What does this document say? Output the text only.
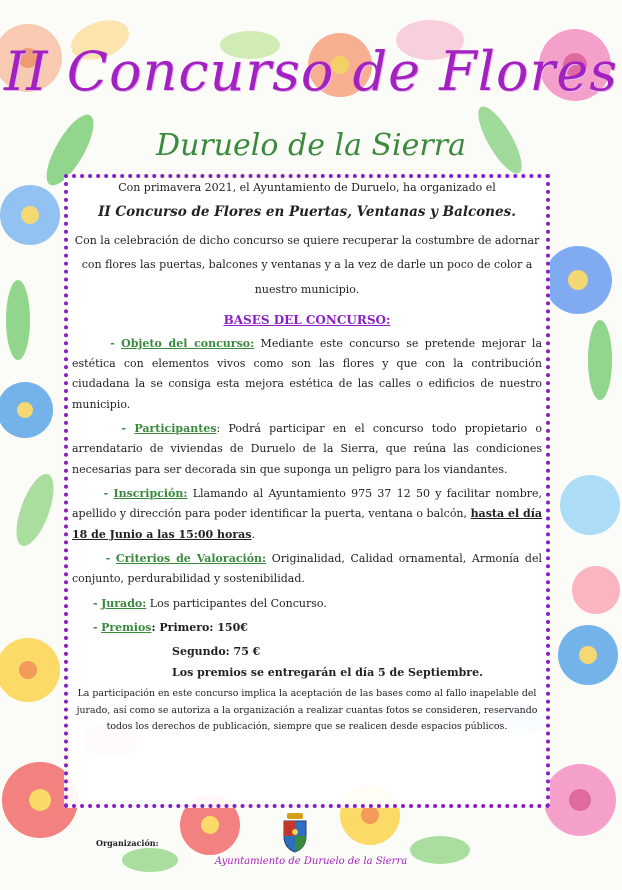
II Concurso de Flores
Duruelo de la Sierra
Con primavera 2021, el Ayuntamiento de Duruelo, ha organizado el
II Concurso de Flores en Puertas, Ventanas y Balcones.
Con la celebración de dicho concurso se quiere recuperar la costumbre de adornar con flores las puertas, balcones y ventanas y a la vez de darle un poco de color a nuestro municipio.
BASES DEL CONCURSO:
- Objeto del concurso: Mediante este concurso se pretende mejorar la estética con elementos vivos como son las flores y que con la contribución ciudadana la se consiga esta mejora estética de las calles o edificios de nuestro municipio.
- Participantes: Podrá participar en el concurso todo propietario o arrendatario de viviendas de Duruelo de la Sierra, que reúna las condiciones necesarias para ser decorada sin que suponga un peligro para los viandantes.
- Inscripción: Llamando al Ayuntamiento 975 37 12 50 y facilitar nombre, apellido y dirección para poder identificar la puerta, ventana o balcón, hasta el día 18 de Junio a las 15:00 horas.
- Criterios de Valoración: Originalidad, Calidad ornamental, Armonía del conjunto, perdurabilidad y sostenibilidad.
- Jurado: Los participantes del Concurso.
- Premios: Primero: 150€
Segundo: 75 €
Los premios se entregarán el día 5 de Septiembre.
La participación en este concurso implica la aceptación de las bases como al fallo inapelable del jurado, así como se autoriza a la organización a realizar cuantas fotos se consideren, reservando todos los derechos de publicación, siempre que se realicen desde espacios públicos.
Organización:
Ayuntamiento de Duruelo de la Sierra
